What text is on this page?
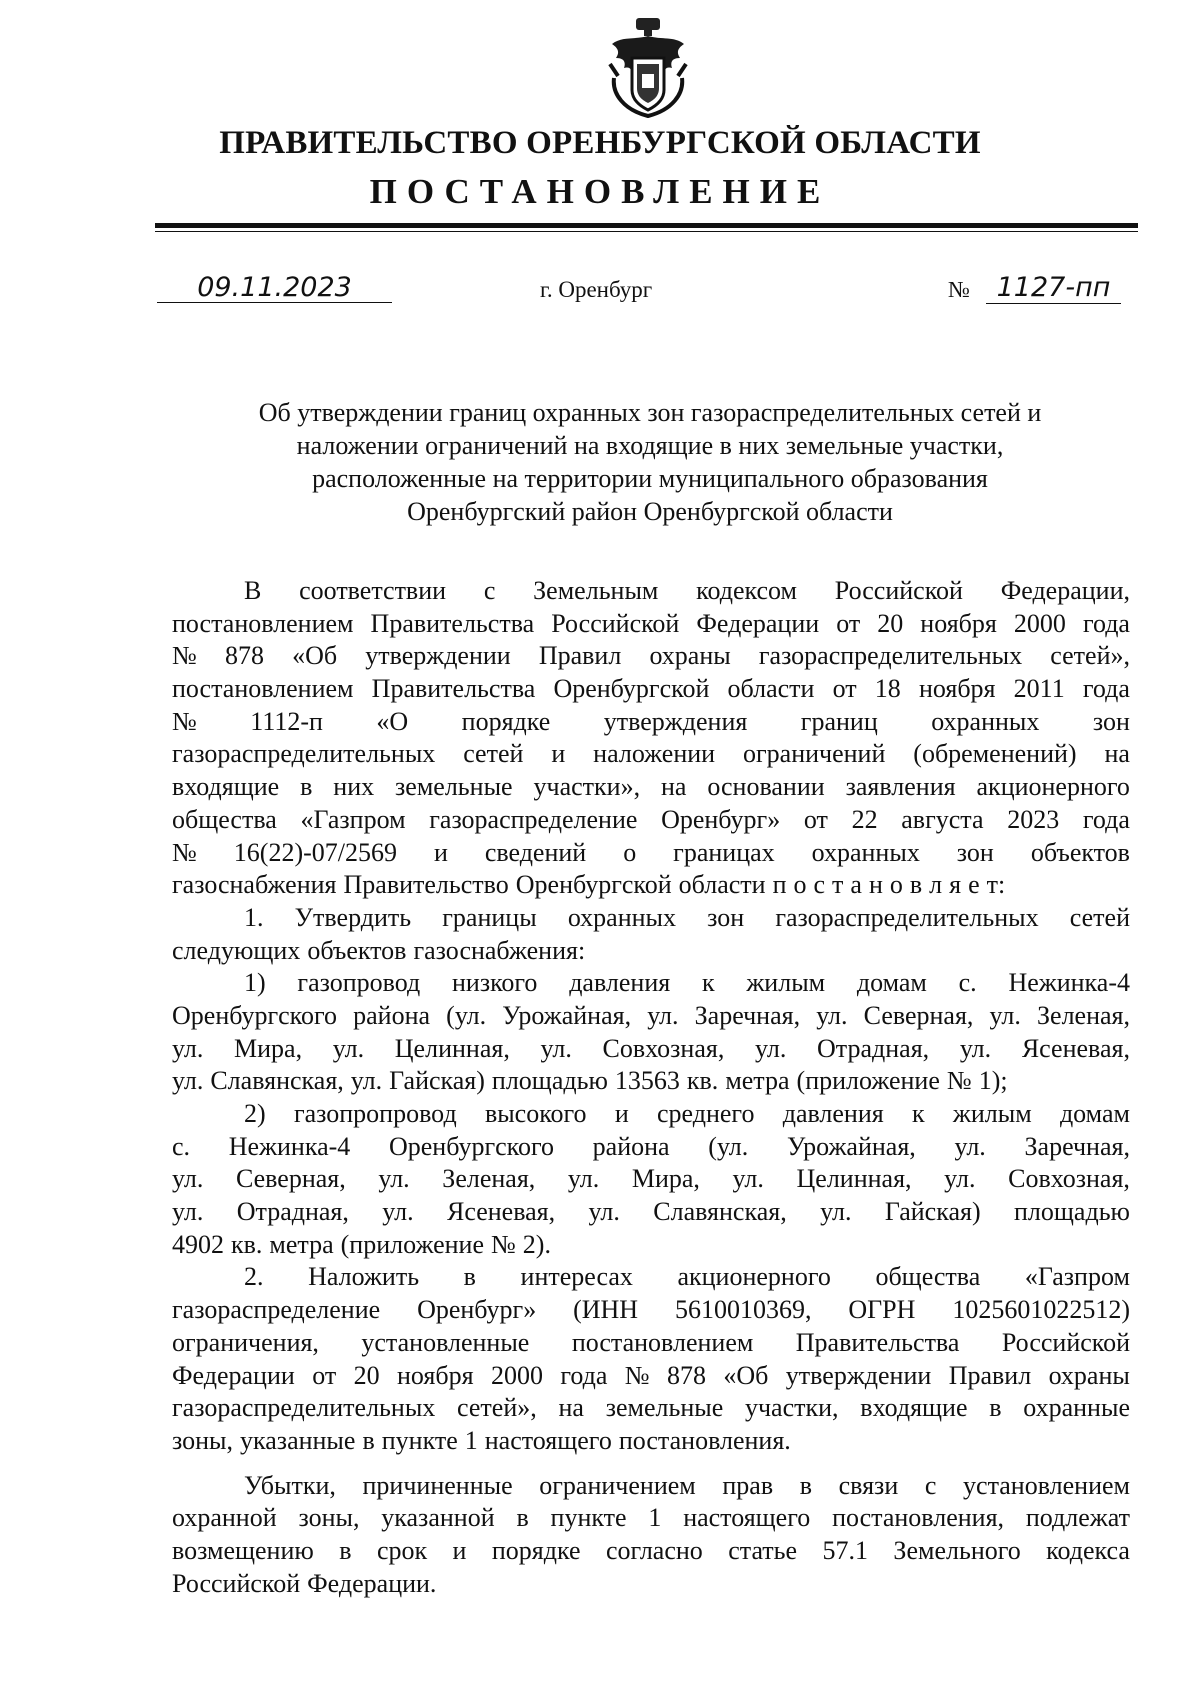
ПРАВИТЕЛЬСТВО ОРЕНБУРГСКОЙ ОБЛАСТИ
ПОСТАНОВЛЕНИЕ
09.11.2023	г. Оренбург	№ 1127-пп
Об утверждении границ охранных зон газораспределительных сетей и
наложении ограничений на входящие в них земельные участки,
расположенные на территории муниципального образования
Оренбургский район Оренбургской области
В соответствии с Земельным кодексом Российской Федерации,
постановлением Правительства Российской Федерации от 20 ноября 2000 года
№ 878 «Об утверждении Правил охраны газораспределительных сетей»,
постановлением Правительства Оренбургской области от 18 ноября 2011 года
№ 1112-п «О порядке утверждения границ охранных зон
газораспределительных сетей и наложении ограничений (обременений) на
входящие в них земельные участки», на основании заявления акционерного
общества «Газпром газораспределение Оренбург» от 22 августа 2023 года
№ 16(22)-07/2569 и сведений о границах охранных зон объектов
газоснабжения Правительство Оренбургской области п о с т а н о в л я е т:
1. Утвердить границы охранных зон газораспределительных сетей
следующих объектов газоснабжения:
1) газопровод низкого давления к жилым домам с. Нежинка-4
Оренбургского района (ул. Урожайная, ул. Заречная, ул. Северная, ул. Зеленая,
ул. Мира, ул. Целинная, ул. Совхозная, ул. Отрадная, ул. Ясеневая,
ул. Славянская, ул. Гайская) площадью 13563 кв. метра (приложение № 1);
2) газопропровод высокого и среднего давления к жилым домам
с. Нежинка-4 Оренбургского района (ул. Урожайная, ул. Заречная,
ул. Северная, ул. Зеленая, ул. Мира, ул. Целинная, ул. Совхозная,
ул. Отрадная, ул. Ясеневая, ул. Славянская, ул. Гайская) площадью
4902 кв. метра (приложение № 2).
2. Наложить в интересах акционерного общества «Газпром
газораспределение Оренбург» (ИНН 5610010369, ОГРН 1025601022512)
ограничения, установленные постановлением Правительства Российской
Федерации от 20 ноября 2000 года № 878 «Об утверждении Правил охраны
газораспределительных сетей», на земельные участки, входящие в охранные
зоны, указанные в пункте 1 настоящего постановления.
Убытки, причиненные ограничением прав в связи с установлением
охранной зоны, указанной в пункте 1 настоящего постановления, подлежат
возмещению в срок и порядке согласно статье 57.1 Земельного кодекса
Российской Федерации.
